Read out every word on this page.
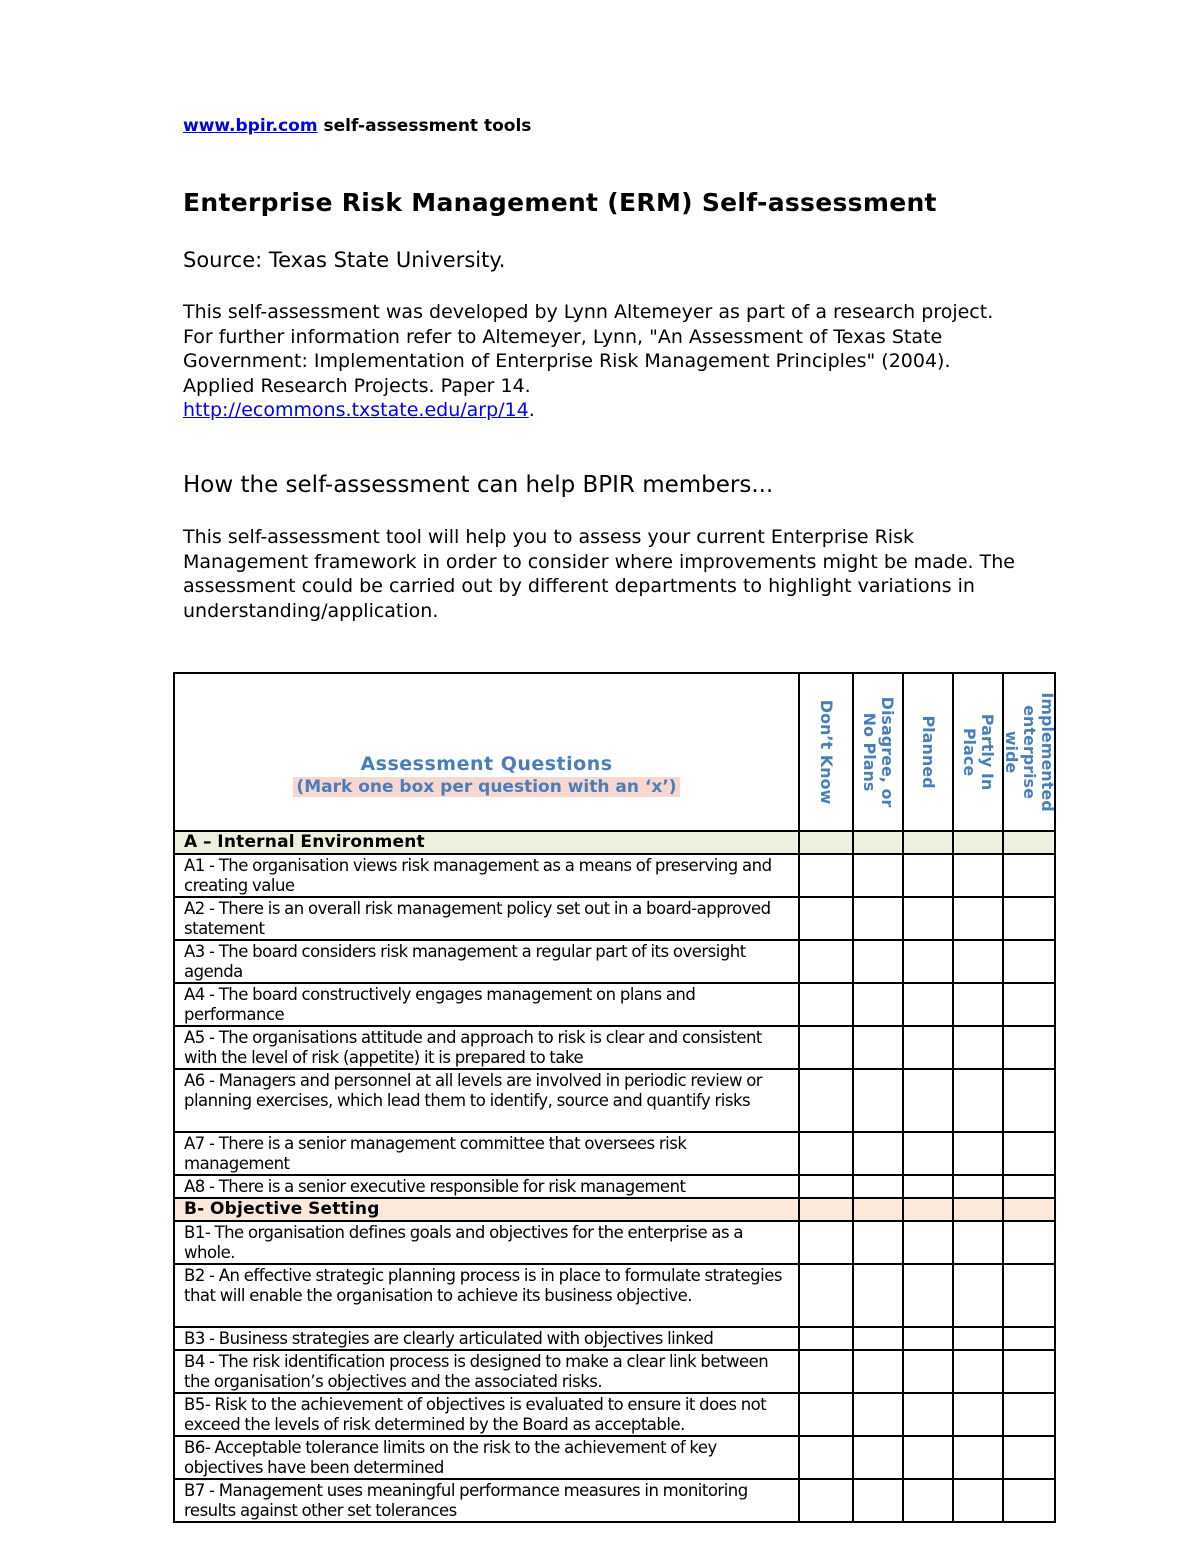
www.bpir.com self-assessment tools
Enterprise Risk Management (ERM) Self-assessment
Source: Texas State University.
This self-assessment was developed by Lynn Altemeyer as part of a research project. For further information refer to Altemeyer, Lynn, "An Assessment of Texas State Government: Implementation of Enterprise Risk Management Principles" (2004). Applied Research Projects. Paper 14.
http://ecommons.txstate.edu/arp/14.
How the self-assessment can help BPIR members...
This self-assessment tool will help you to assess your current Enterprise Risk Management framework in order to consider where improvements might be made. The assessment could be carried out by different departments to highlight variations in understanding/application.
Assessment Questions
(Mark one box per question with an ‘x’)	Don’t Know	Disagree, or No Plans	Planned	Partly In Place	Implemented enterprise wide

A – Internal Environment					
A1 - The organisation views risk management as a means of preserving and creating value					
A2 - There is an overall risk management policy set out in a board-approved statement					
A3 - The board considers risk management a regular part of its oversight agenda					
A4 - The board constructively engages management on plans and performance					
A5 - The organisations attitude and approach to risk is clear and consistent with the level of risk (appetite) it is prepared to take					
A6 - Managers and personnel at all levels are involved in periodic review or planning exercises, which lead them to identify, source and quantify risks					
A7 - There is a senior management committee that oversees risk management					
A8 - There is a senior executive responsible for risk management					
B- Objective Setting					
B1- The organisation defines goals and objectives for the enterprise as a whole.					
B2 - An effective strategic planning process is in place to formulate strategies that will enable the organisation to achieve its business objective.					
B3 - Business strategies are clearly articulated with objectives linked					
B4 - The risk identification process is designed to make a clear link between the organisation’s objectives and the associated risks.					
B5- Risk to the achievement of objectives is evaluated to ensure it does not exceed the levels of risk determined by the Board as acceptable.					
B6- Acceptable tolerance limits on the risk to the achievement of key objectives have been determined					
B7 - Management uses meaningful performance measures in monitoring results against other set tolerances					
